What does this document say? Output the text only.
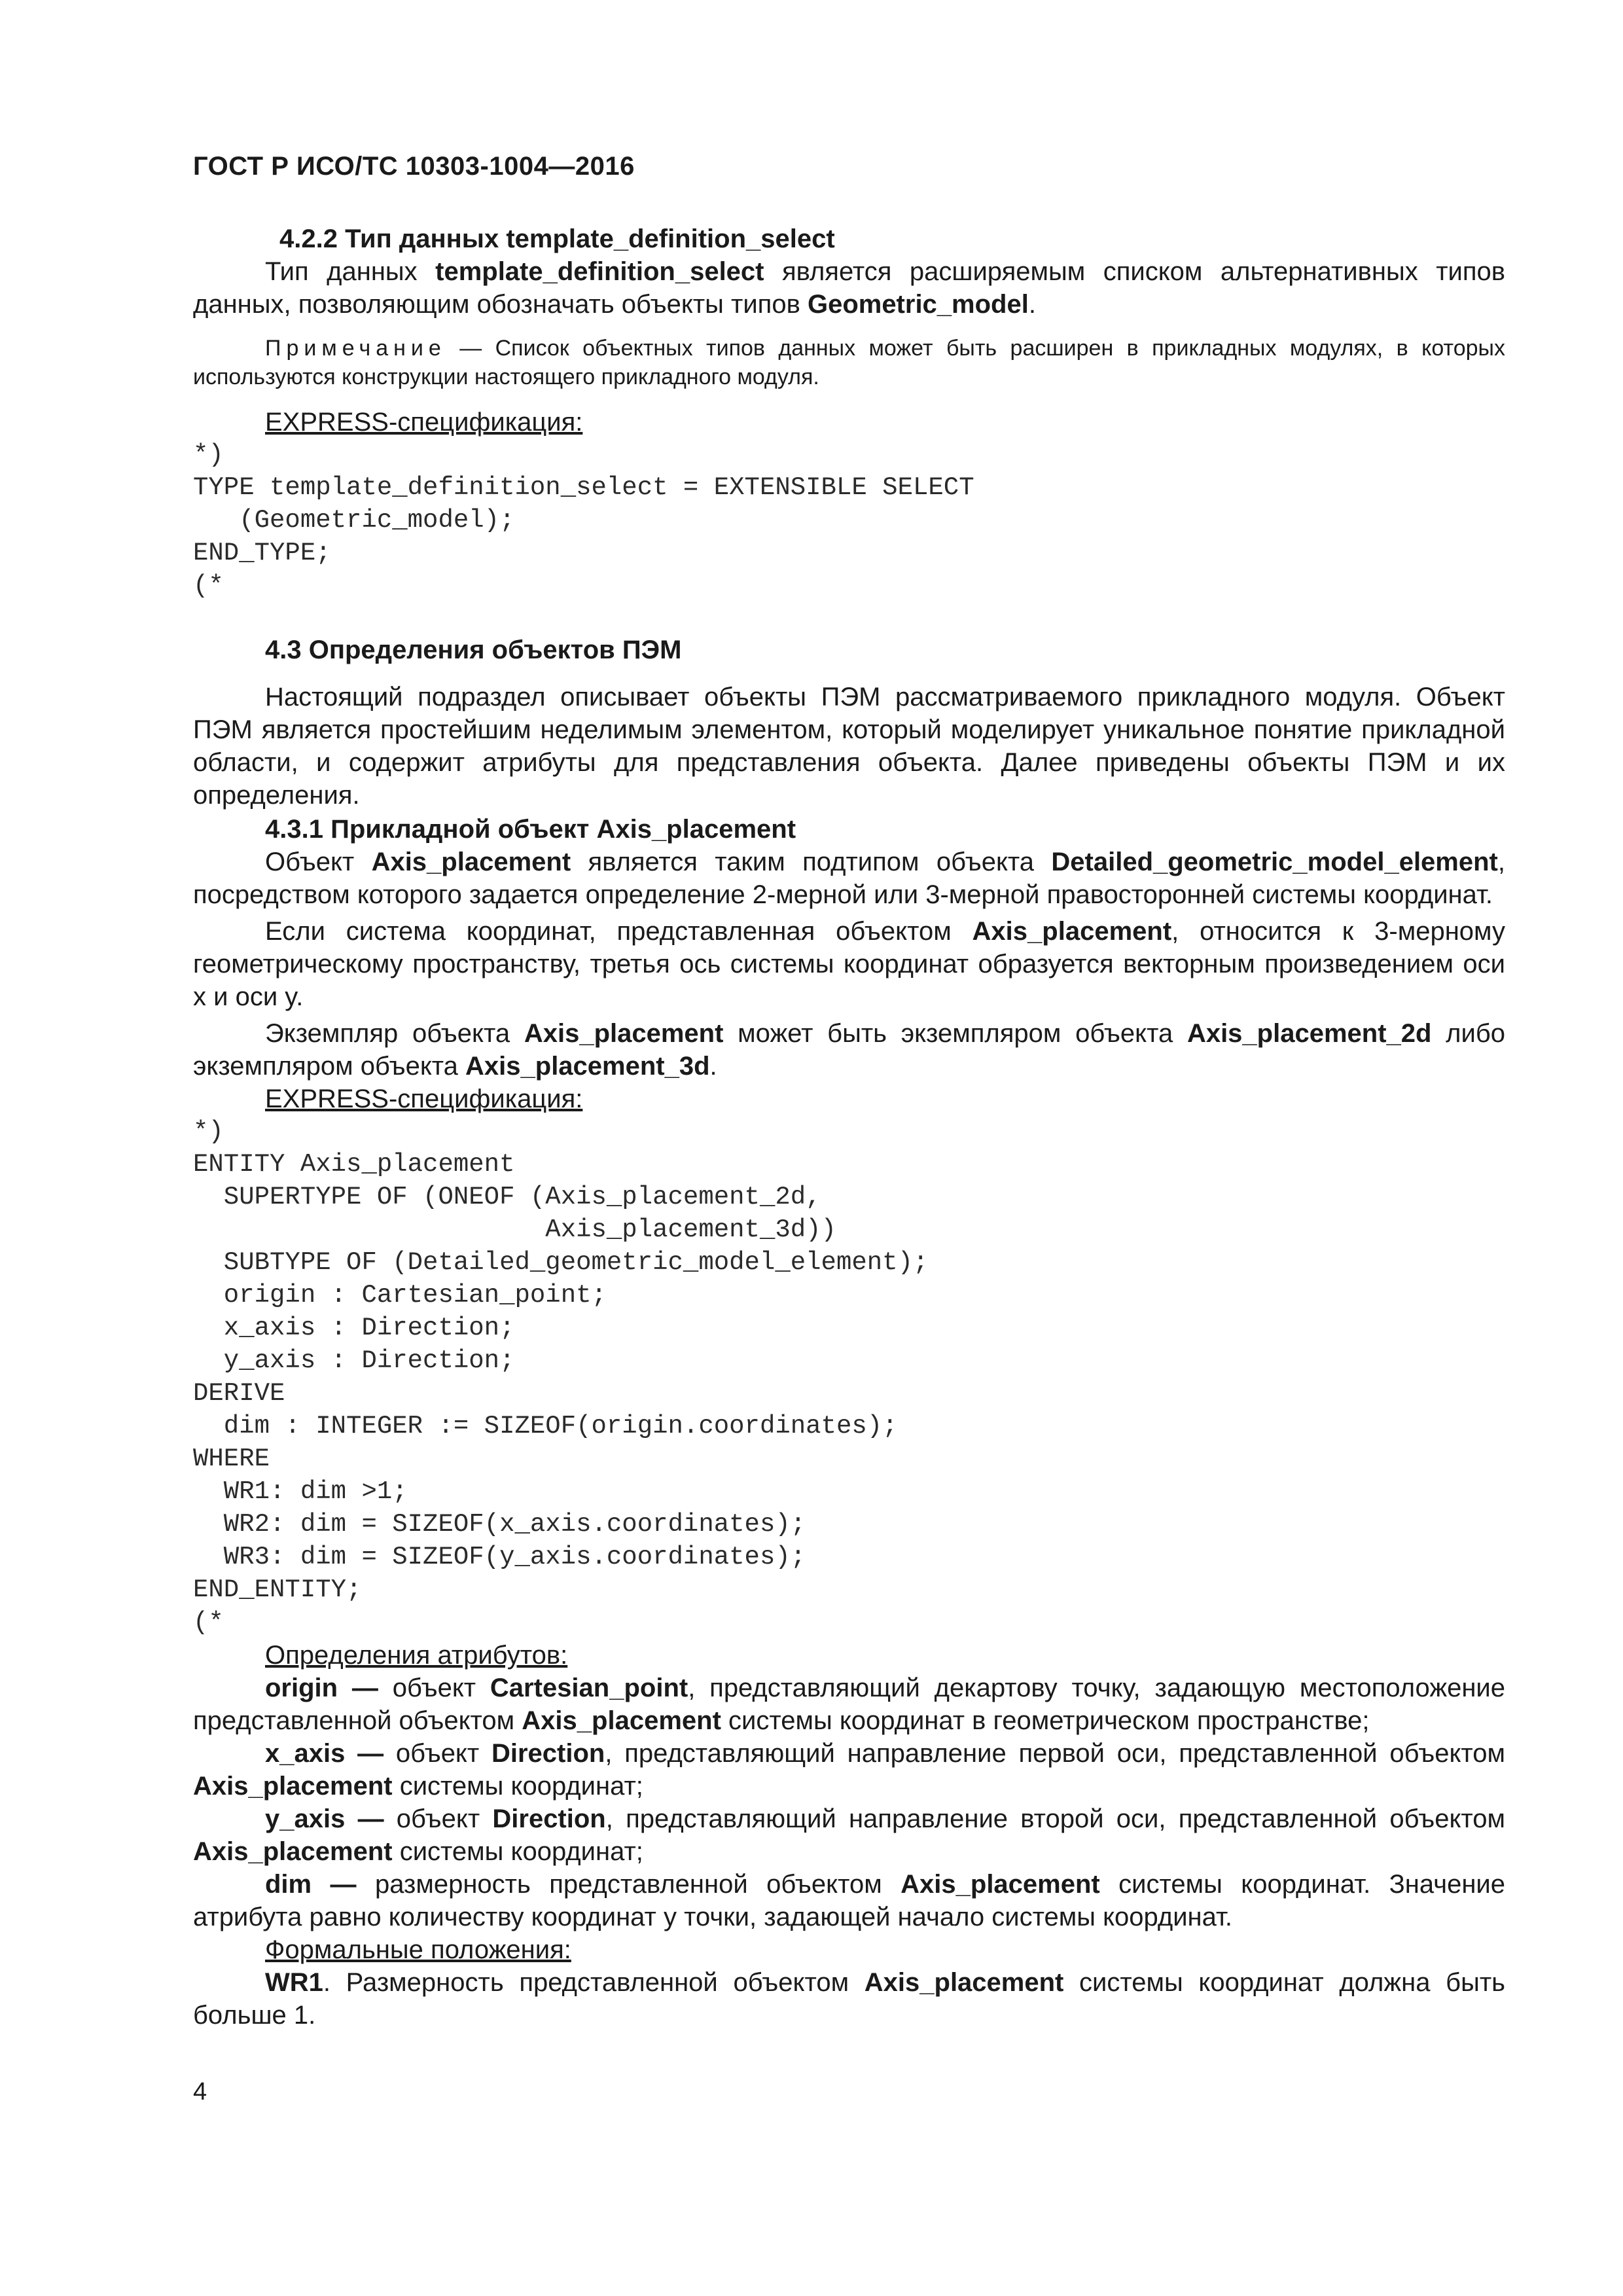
ГОСТ Р ИСО/ТС 10303-1004—2016

4.2.2 Тип данных template_definition_select

Тип данных template_definition_select является расширяемым списком альтернативных типов данных, позволяющим обозначать объекты типов Geometric_model.

Примечание — Список объектных типов данных может быть расширен в прикладных модулях, в которых используются конструкции настоящего прикладного модуля.

EXPRESS-спецификация:

*)
TYPE template_definition_select = EXTENSIBLE SELECT
(Geometric_model);
END_TYPE;
(*

4.3 Определения объектов ПЭМ

Настоящий подраздел описывает объекты ПЭМ рассматриваемого прикладного модуля. Объект ПЭМ является простейшим неделимым элементом, который моделирует уникальное понятие прикладной области, и содержит атрибуты для представления объекта. Далее приведены объекты ПЭМ и их определения.

4.3.1 Прикладной объект Axis_placement

Объект Axis_placement является таким подтипом объекта Detailed_geometric_model_element, посредством которого задается определение 2-мерной или 3-мерной правосторонней системы координат.

Если система координат, представленная объектом Axis_placement, относится к 3-мерному геометрическому пространству, третья ось системы координат образуется векторным произведением оси x и оси y.

Экземпляр объекта Axis_placement может быть экземпляром объекта Axis_placement_2d либо экземпляром объекта Axis_placement_3d.

EXPRESS-спецификация:

*)
ENTITY Axis_placement
SUPERTYPE OF (ONEOF (Axis_placement_2d,
Axis_placement_3d))
SUBTYPE OF (Detailed_geometric_model_element);
origin : Cartesian_point;
x_axis : Direction;
y_axis : Direction;
DERIVE
dim : INTEGER := SIZEOF(origin.coordinates);
WHERE
WR1: dim >1;
WR2: dim = SIZEOF(x_axis.coordinates);
WR3: dim = SIZEOF(y_axis.coordinates);
END_ENTITY;
(*

Определения атрибутов:

origin — объект Cartesian_point, представляющий декартову точку, задающую местоположение представленной объектом Axis_placement системы координат в геометрическом пространстве;

x_axis — объект Direction, представляющий направление первой оси, представленной объектом Axis_placement системы координат;

y_axis — объект Direction, представляющий направление второй оси, представленной объектом Axis_placement системы координат;

dim — размерность представленной объектом Axis_placement системы координат. Значение атрибута равно количеству координат у точки, задающей начало системы координат.

Формальные положения:

WR1. Размерность представленной объектом Axis_placement системы координат должна быть больше 1.

4
